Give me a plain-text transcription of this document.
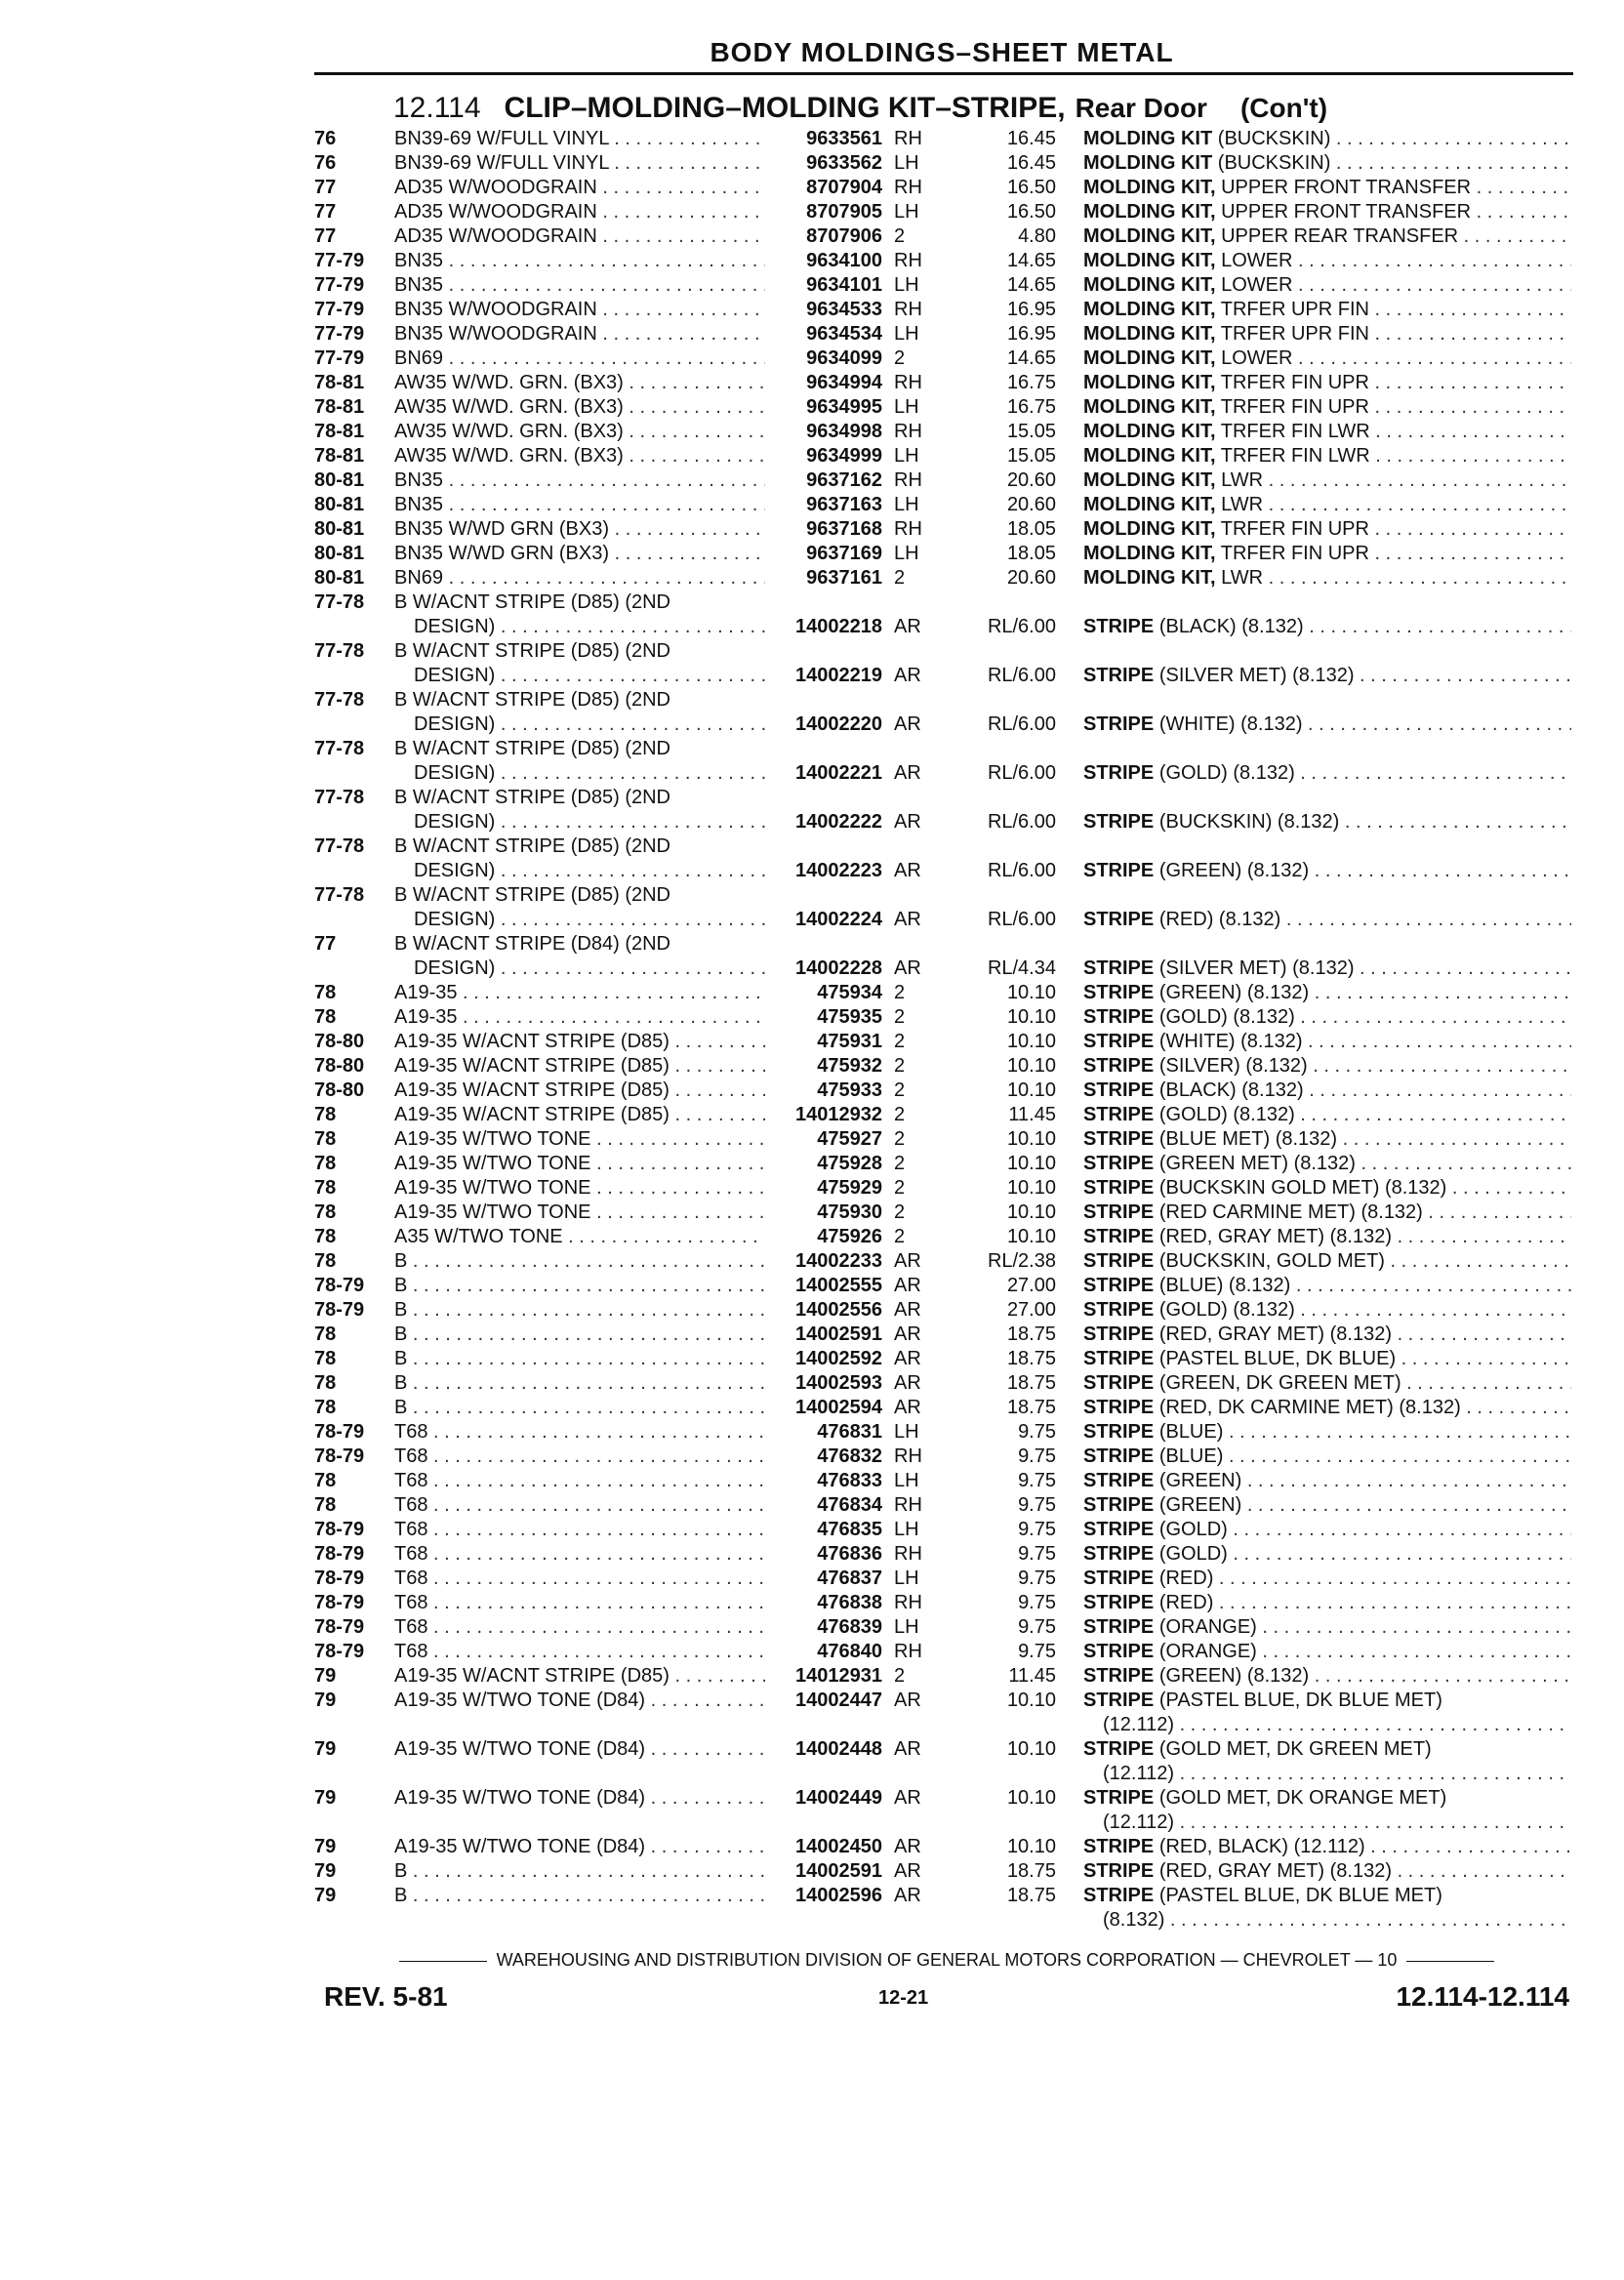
BODY MOLDINGS–SHEET METAL
12.114 CLIP–MOLDING–MOLDING KIT–STRIPE, Rear Door (Con't)
76	BN39-69 W/FULL VINYL . . .	9633561 RH	16.45 MOLDING KIT (BUCKSKIN) . . .
76	BN39-69 W/FULL VINYL . . .	9633562 LH	16.45 MOLDING KIT (BUCKSKIN) . . .
77	AD35 W/WOODGRAIN . . .	8707904 RH	16.50 MOLDING KIT, UPPER FRONT TRANSFER . . .
77	AD35 W/WOODGRAIN . . .	8707905 LH	16.50 MOLDING KIT, UPPER FRONT TRANSFER . . .
77	AD35 W/WOODGRAIN . . .	8707906 2	4.80 MOLDING KIT, UPPER REAR TRANSFER . . .
77-79 BN35 . . .	9634100 RH	14.65 MOLDING KIT, LOWER . . .
77-79 BN35 . . .	9634101 LH	14.65 MOLDING KIT, LOWER . . .
77-79 BN35 W/WOODGRAIN . . .	9634533 RH	16.95 MOLDING KIT, TRFER UPR FIN . . .
77-79 BN35 W/WOODGRAIN . . .	9634534 LH	16.95 MOLDING KIT, TRFER UPR FIN . . .
77-79 BN69 . . .	9634099 2	14.65 MOLDING KIT, LOWER . . .
78-81 AW35 W/WD. GRN. (BX3) . . .	9634994 RH	16.75 MOLDING KIT, TRFER FIN UPR . . .
78-81 AW35 W/WD. GRN. (BX3) . . .	9634995 LH	16.75 MOLDING KIT, TRFER FIN UPR . . .
78-81 AW35 W/WD. GRN. (BX3) . . .	9634998 RH	15.05 MOLDING KIT, TRFER FIN LWR . . .
78-81 AW35 W/WD. GRN. (BX3) . . .	9634999 LH	15.05 MOLDING KIT, TRFER FIN LWR . . .
80-81 BN35 . . .	9637162 RH	20.60 MOLDING KIT, LWR . . .
80-81 BN35 . . .	9637163 LH	20.60 MOLDING KIT, LWR . . .
80-81 BN35 W/WD GRN (BX3) . . .	9637168 RH	18.05 MOLDING KIT, TRFER FIN UPR . . .
80-81 BN35 W/WD GRN (BX3) . . .	9637169 LH	18.05 MOLDING KIT, TRFER FIN UPR . . .
80-81 BN69 . . .	9637161 2	20.60 MOLDING KIT, LWR . . .
77-78 B W/ACNT STRIPE (D85) (2ND
DESIGN) . . .	14002218 AR	RL/6.00 STRIPE (BLACK) (8.132) . . .
77-78 B W/ACNT STRIPE (D85) (2ND
DESIGN) . . .	14002219 AR	RL/6.00 STRIPE (SILVER MET) (8.132) . . .
77-78 B W/ACNT STRIPE (D85) (2ND
DESIGN) . . .	14002220 AR	RL/6.00 STRIPE (WHITE) (8.132) . . .
77-78 B W/ACNT STRIPE (D85) (2ND
DESIGN) . . .	14002221 AR	RL/6.00 STRIPE (GOLD) (8.132) . . .
77-78 B W/ACNT STRIPE (D85) (2ND
DESIGN) . . .	14002222 AR	RL/6.00 STRIPE (BUCKSKIN) (8.132) . . .
77-78 B W/ACNT STRIPE (D85) (2ND
DESIGN) . . .	14002223 AR	RL/6.00 STRIPE (GREEN) (8.132) . . .
77-78 B W/ACNT STRIPE (D85) (2ND
DESIGN) . . .	14002224 AR	RL/6.00 STRIPE (RED) (8.132) . . .
77	B W/ACNT STRIPE (D84) (2ND
DESIGN) . . .	14002228 AR	RL/4.34 STRIPE (SILVER MET) (8.132) . . .
78	A19-35 . . .	475934 2	10.10 STRIPE (GREEN) (8.132) . . .
78	A19-35 . . .	475935 2	10.10 STRIPE (GOLD) (8.132) . . .
78-80 A19-35 W/ACNT STRIPE (D85) . . .	475931 2	10.10 STRIPE (WHITE) (8.132) . . .
78-80 A19-35 W/ACNT STRIPE (D85) . . .	475932 2	10.10 STRIPE (SILVER) (8.132) . . .
78-80 A19-35 W/ACNT STRIPE (D85) . . .	475933 2	10.10 STRIPE (BLACK) (8.132) . . .
78	A19-35 W/ACNT STRIPE (D85) . . .	14012932 2	11.45 STRIPE (GOLD) (8.132) . . .
78	A19-35 W/TWO TONE . . .	475927 2	10.10 STRIPE (BLUE MET) (8.132) . . .
78	A19-35 W/TWO TONE . . .	475928 2	10.10 STRIPE (GREEN MET) (8.132) . . .
78	A19-35 W/TWO TONE . . .	475929 2	10.10 STRIPE (BUCKSKIN GOLD MET) (8.132) . . .
78	A19-35 W/TWO TONE . . .	475930 2	10.10 STRIPE (RED CARMINE MET) (8.132) . . .
78	A35 W/TWO TONE . . .	475926 2	10.10 STRIPE (RED, GRAY MET) (8.132) . . .
78	B . . .	14002233 AR	RL/2.38 STRIPE (BUCKSKIN, GOLD MET) . . .
78-79 B . . .	14002555 AR	27.00 STRIPE (BLUE) (8.132) . . .
78-79 B . . .	14002556 AR	27.00 STRIPE (GOLD) (8.132) . . .
78	B . . .	14002591 AR	18.75 STRIPE (RED, GRAY MET) (8.132) . . .
78	B . . .	14002592 AR	18.75 STRIPE (PASTEL BLUE, DK BLUE) . . .
78	B . . .	14002593 AR	18.75 STRIPE (GREEN, DK GREEN MET) . . .
78	B . . .	14002594 AR	18.75 STRIPE (RED, DK CARMINE MET) (8.132) . . .
78-79 T68 . . .	476831 LH	9.75 STRIPE (BLUE) . . .
78-79 T68 . . .	476832 RH	9.75 STRIPE (BLUE) . . .
78	T68 . . .	476833 LH	9.75 STRIPE (GREEN) . . .
78	T68 . . .	476834 RH	9.75 STRIPE (GREEN) . . .
78-79 T68 . . .	476835 LH	9.75 STRIPE (GOLD) . . .
78-79 T68 . . .	476836 RH	9.75 STRIPE (GOLD) . . .
78-79 T68 . . .	476837 LH	9.75 STRIPE (RED) . . .
78-79 T68 . . .	476838 RH	9.75 STRIPE (RED) . . .
78-79 T68 . . .	476839 LH	9.75 STRIPE (ORANGE) . . .
78-79 T68 . . .	476840 RH	9.75 STRIPE (ORANGE) . . .
79	A19-35 W/ACNT STRIPE (D85) . . .	14012931 2	11.45 STRIPE (GREEN) (8.132) . . .
79	A19-35 W/TWO TONE (D84) . . .	14002447 AR	10.10 STRIPE (PASTEL BLUE, DK BLUE MET)
(12.112) . . .
79	A19-35 W/TWO TONE (D84) . . .	14002448 AR	10.10 STRIPE (GOLD MET, DK GREEN MET)
(12.112) . . .
79	A19-35 W/TWO TONE (D84) . . .	14002449 AR	10.10 STRIPE (GOLD MET, DK ORANGE MET)
(12.112) . . .
79	A19-35 W/TWO TONE (D84) . . .	14002450 AR	10.10 STRIPE (RED, BLACK) (12.112) . . .
79	B . . .	14002591 AR	18.75 STRIPE (RED, GRAY MET) (8.132) . . .
79	B . . .	14002596 AR	18.75 STRIPE (PASTEL BLUE, DK BLUE MET)
(8.132) . . .
WAREHOUSING AND DISTRIBUTION DIVISION OF GENERAL MOTORS CORPORATION — CHEVROLET — 10
REV. 5-81	12-21	12.114-12.114
